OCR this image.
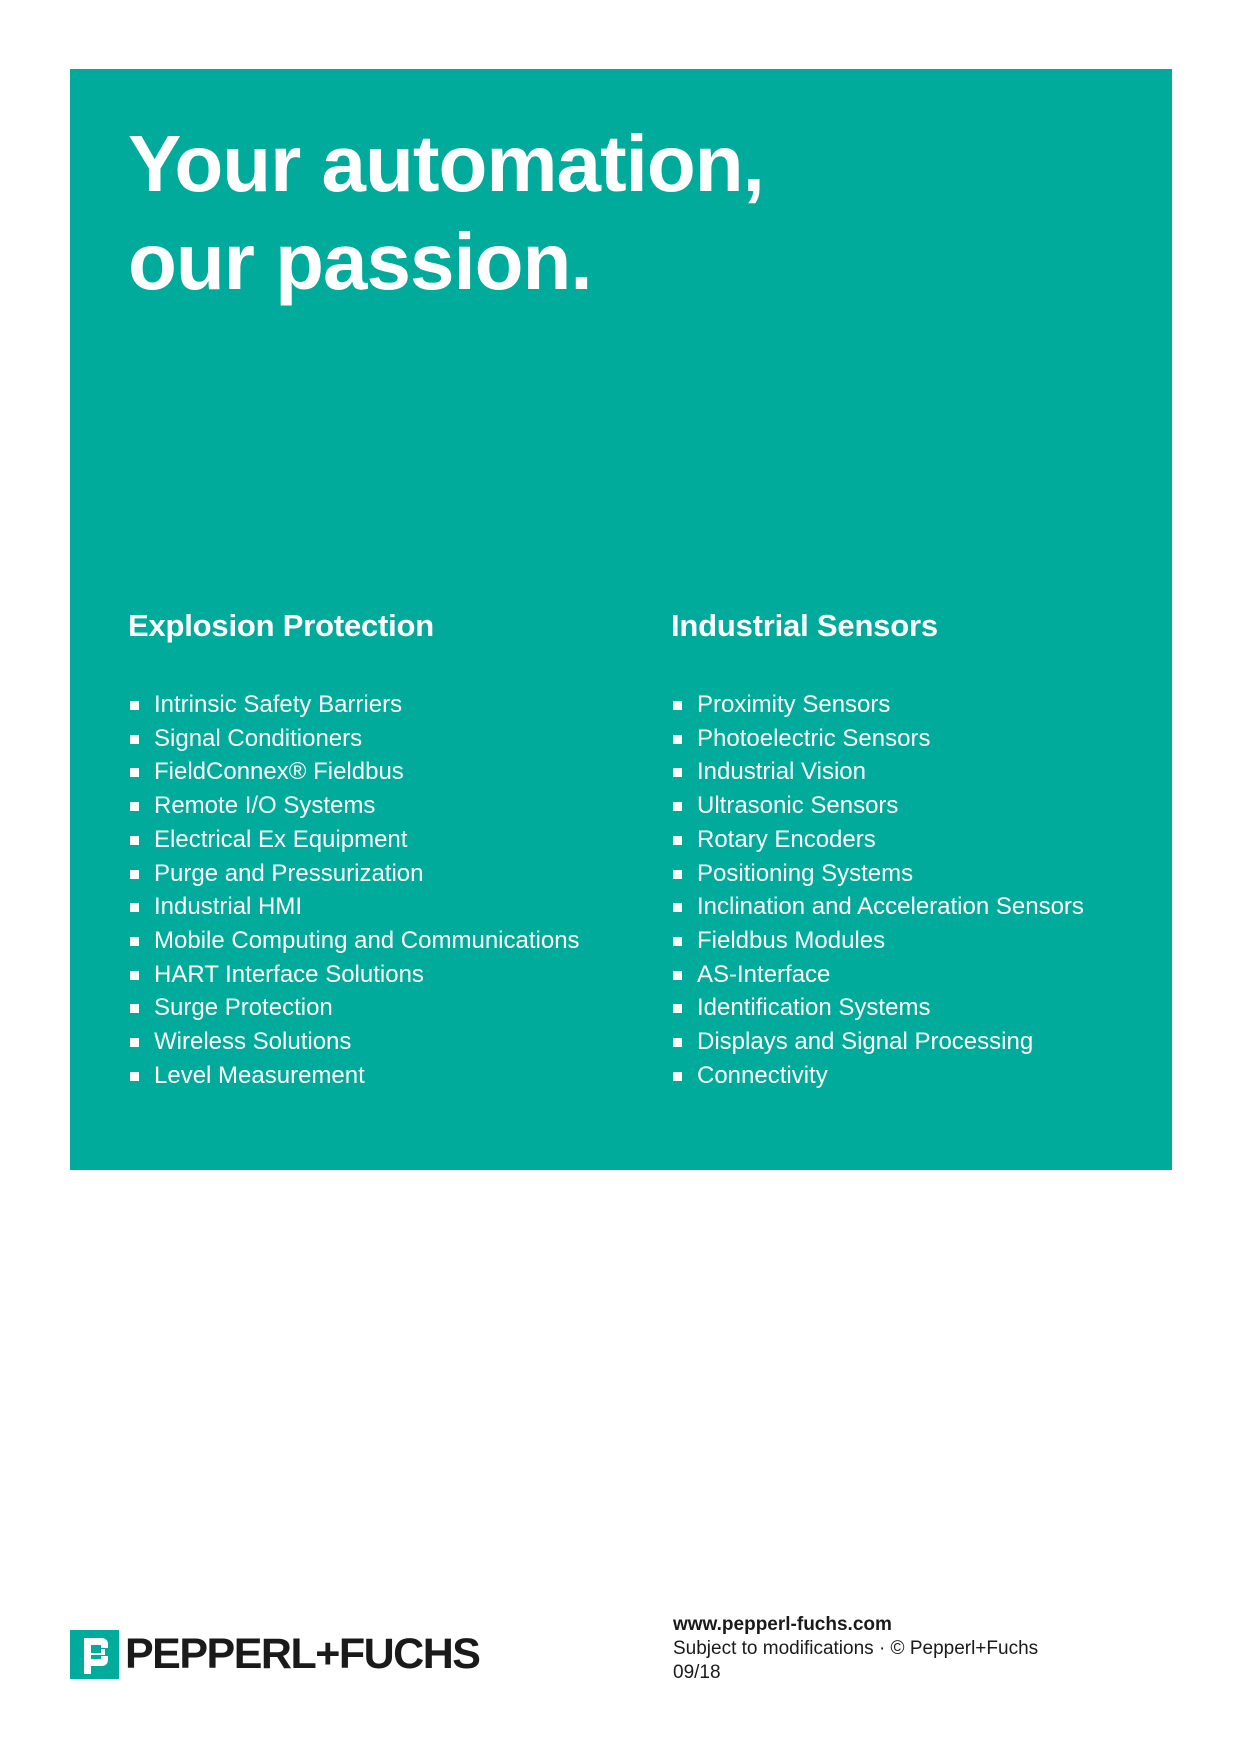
Your automation,
our passion.
Explosion Protection
Intrinsic Safety Barriers
Signal Conditioners
FieldConnex® Fieldbus
Remote I/O Systems
Electrical Ex Equipment
Purge and Pressurization
Industrial HMI
Mobile Computing and Communications
HART Interface Solutions
Surge Protection
Wireless Solutions
Level Measurement
Industrial Sensors
Proximity Sensors
Photoelectric Sensors
Industrial Vision
Ultrasonic Sensors
Rotary Encoders
Positioning Systems
Inclination and Acceleration Sensors
Fieldbus Modules
AS-Interface
Identification Systems
Displays and Signal Processing
Connectivity
PEPPERL+FUCHS
www.pepperl-fuchs.com
Subject to modifications · © Pepperl+Fuchs
09/18
